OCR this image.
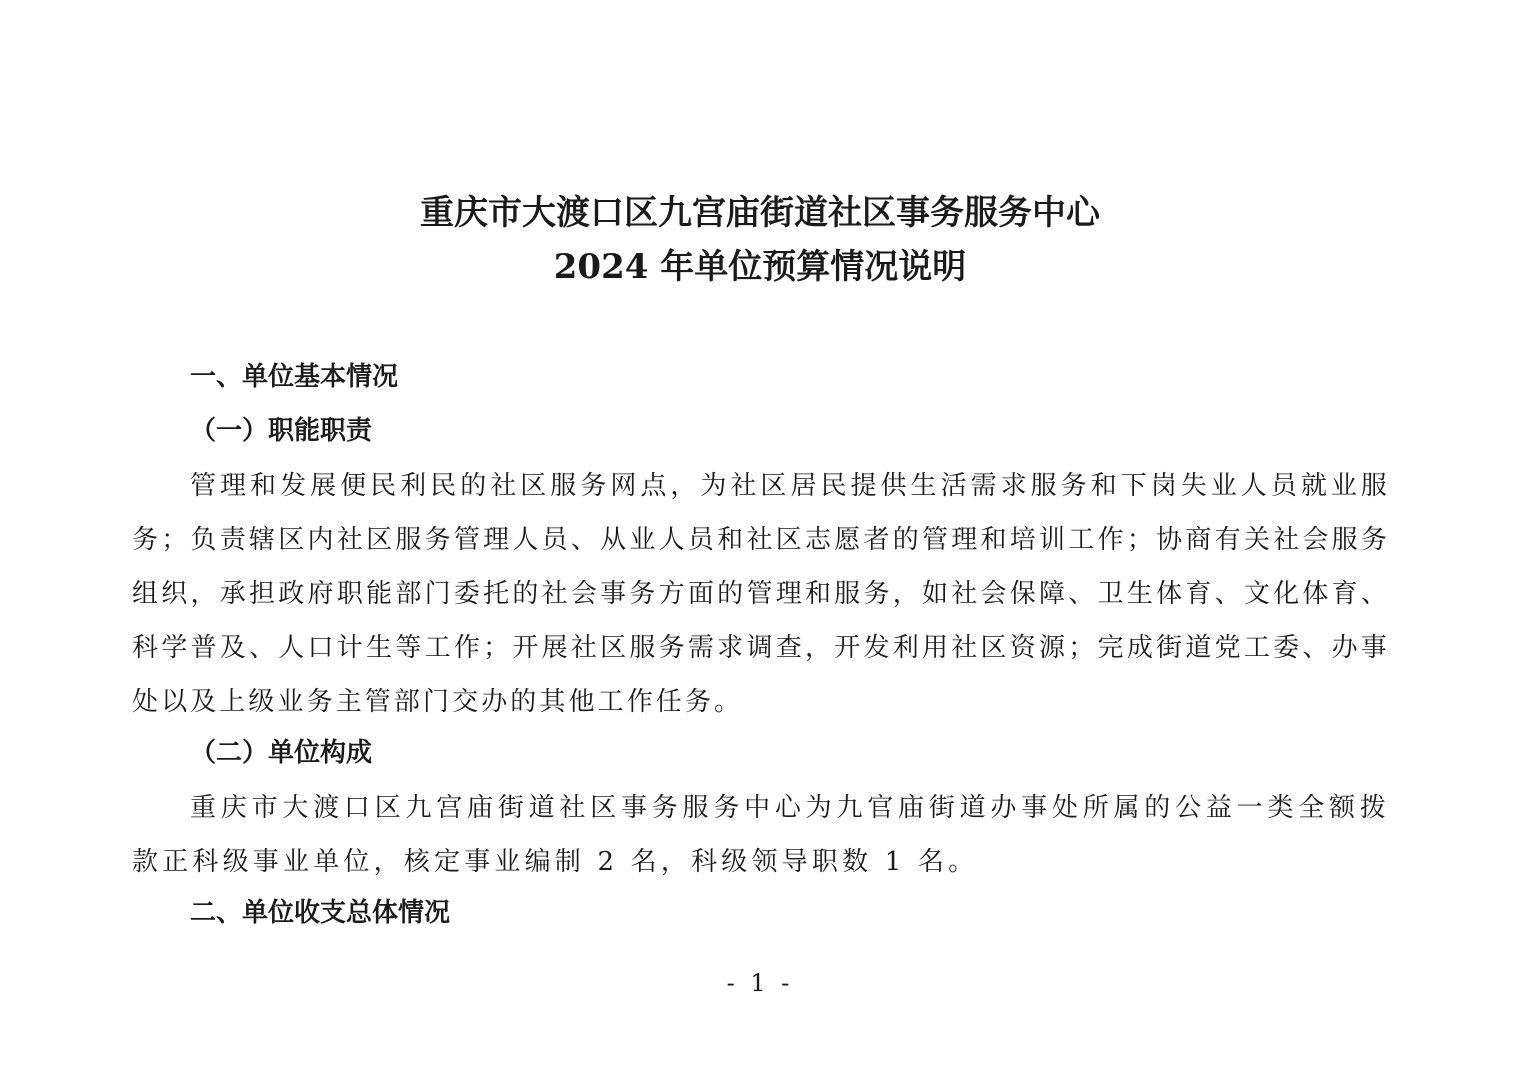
重庆市大渡口区九宫庙街道社区事务服务中心
2024 年单位预算情况说明
一、单位基本情况
（一）职能职责

管理和发展便民利民的社区服务网点，为社区居民提供生活需求服务和下岗失业人员就业服务；负责辖区内社区服务管理人员、从业人员和社区志愿者的管理和培训工作；协商有关社会服务组织，承担政府职能部门委托的社会事务方面的管理和服务，如社会保障、卫生体育、文化体育、科学普及、人口计生等工作；开展社区服务需求调查，开发利用社区资源；完成街道党工委、办事处以及上级业务主管部门交办的其他工作任务。

（二）单位构成

重庆市大渡口区九宫庙街道社区事务服务中心为九官庙街道办事处所属的公益一类全额拨款正科级事业单位，核定事业编制 2 名，科级领导职数 1 名。

二、单位收支总体情况
- 1 -
